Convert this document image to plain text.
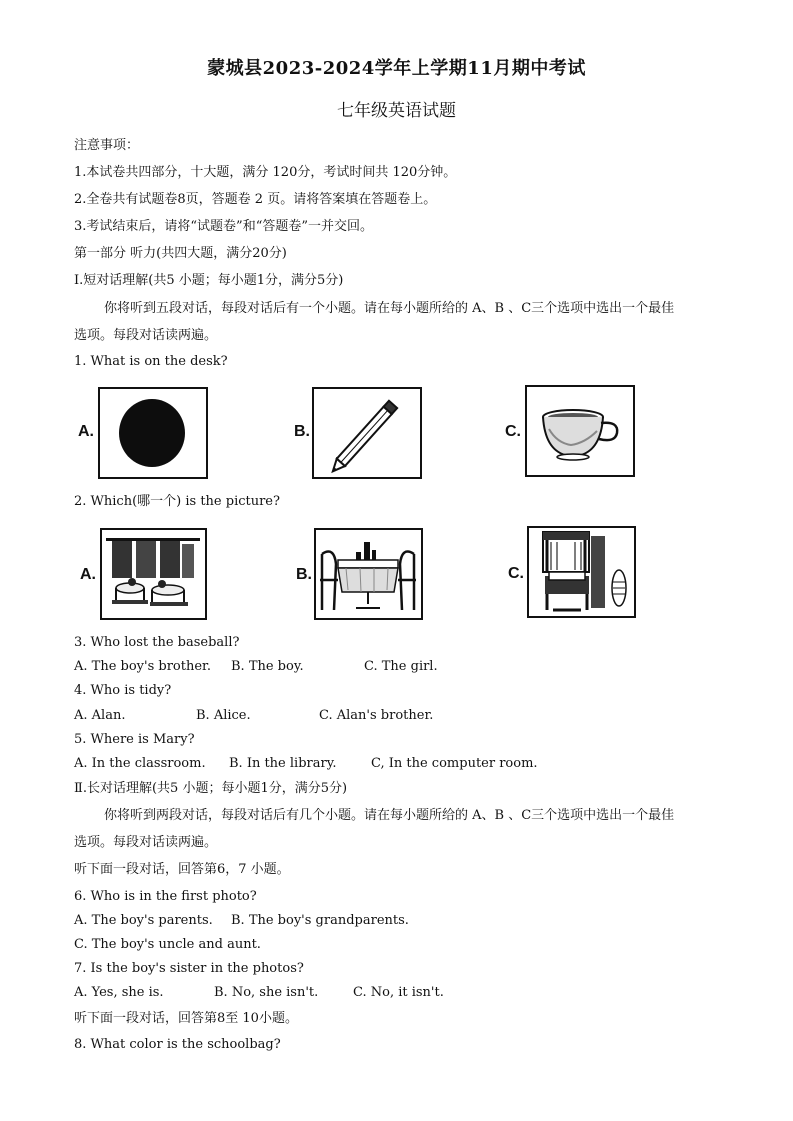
蒙城县2023-2024学年上学期11月期中考试
七年级英语试题
注意事项：
1.本试卷共四部分，十大题，满分 120分，考试时间共 120分钟。
2.全卷共有试题卷8页，答题卷 2 页。请将答案填在答题卷上。
3.考试结束后，请将“试题卷”和“答题卷”一并交回。
第一部分 听力(共四大题，满分20分)
Ⅰ.短对话理解(共5 小题；每小题1分，满分5分)
你将听到五段对话，每段对话后有一个小题。请在每小题所给的 A、B 、C三个选项中选出一个最佳
选项。每段对话读两遍。
1. What is on the desk?
A.	B.	C.
2. Which(哪一个) is the picture?
A.	B.	C.
3. Who lost the baseball?
A. The boy's brother. B. The boy.	C. The girl.
4. Who is tidy?
A. Alan.	B. Alice.	C. Alan's brother.
5. Where is Mary?
A. In the classroom. B. In the library.	C, In the computer room.
Ⅱ.长对话理解(共5 小题；每小题1分，满分5分)
你将听到两段对话，每段对话后有几个小题。请在每小题所给的 A、B 、C三个选项中选出一个最佳
选项。每段对话读两遍。
听下面一段对话，回答第6，7 小题。
6. Who is in the first photo?
A. The boy's parents. B. The boy's grandparents.
C. The boy's uncle and aunt.
7. Is the boy's sister in the photos?
A. Yes, she is.	B. No, she isn't.	C. No, it isn't.
听下面一段对话，回答第8至 10小题。
8. What color is the schoolbag?
